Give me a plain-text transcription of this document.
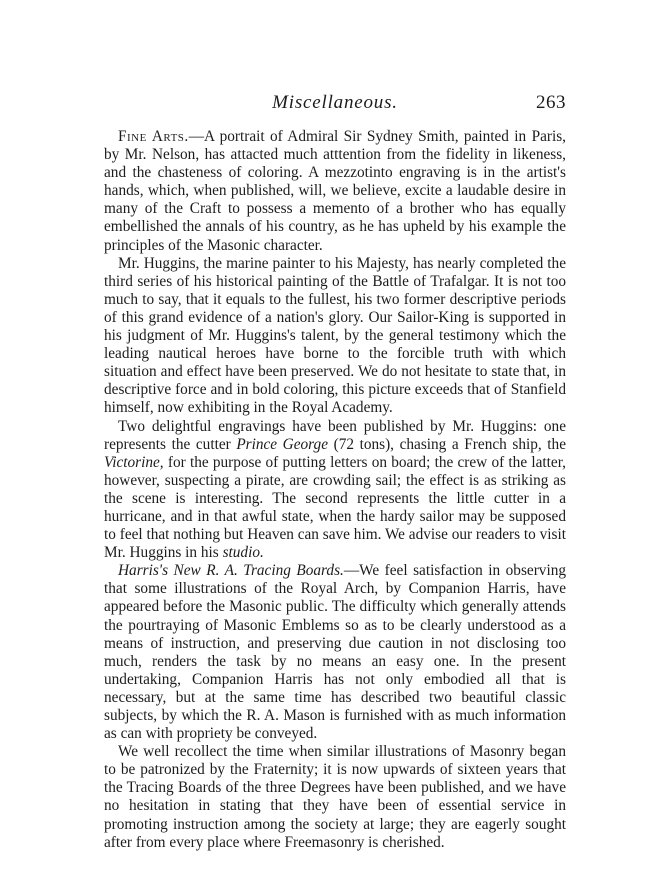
Miscellaneous.	263

Fine Arts.—A portrait of Admiral Sir Sydney Smith, painted in Paris, by Mr. Nelson, has attacted much atttention from the fidelity in likeness, and the chasteness of coloring. A mezzotinto engraving is in the artist's hands, which, when published, will, we believe, excite a laudable desire in many of the Craft to possess a memento of a brother who has equally embellished the annals of his country, as he has upheld by his example the principles of the Masonic character.

Mr. Huggins, the marine painter to his Majesty, has nearly completed the third series of his historical painting of the Battle of Trafalgar. It is not too much to say, that it equals to the fullest, his two former descriptive periods of this grand evidence of a nation's glory. Our Sailor-King is supported in his judgment of Mr. Huggins's talent, by the general testimony which the leading nautical heroes have borne to the forcible truth with which situation and effect have been preserved. We do not hesitate to state that, in descriptive force and in bold coloring, this picture exceeds that of Stanfield himself, now exhibiting in the Royal Academy.

Two delightful engravings have been published by Mr. Huggins: one represents the cutter Prince George (72 tons), chasing a French ship, the Victorine, for the purpose of putting letters on board; the crew of the latter, however, suspecting a pirate, are crowding sail; the effect is as striking as the scene is interesting. The second represents the little cutter in a hurricane, and in that awful state, when the hardy sailor may be supposed to feel that nothing but Heaven can save him. We advise our readers to visit Mr. Huggins in his studio.

Harris's New R. A. Tracing Boards.—We feel satisfaction in observing that some illustrations of the Royal Arch, by Companion Harris, have appeared before the Masonic public. The difficulty which generally attends the pourtraying of Masonic Emblems so as to be clearly understood as a means of instruction, and preserving due caution in not disclosing too much, renders the task by no means an easy one. In the present undertaking, Companion Harris has not only embodied all that is necessary, but at the same time has described two beautiful classic subjects, by which the R. A. Mason is furnished with as much information as can with propriety be conveyed.

We well recollect the time when similar illustrations of Masonry began to be patronized by the Fraternity; it is now upwards of sixteen years that the Tracing Boards of the three Degrees have been published, and we have no hesitation in stating that they have been of essential service in promoting instruction among the society at large; they are eagerly sought after from every place where Freemasonry is cherished.
